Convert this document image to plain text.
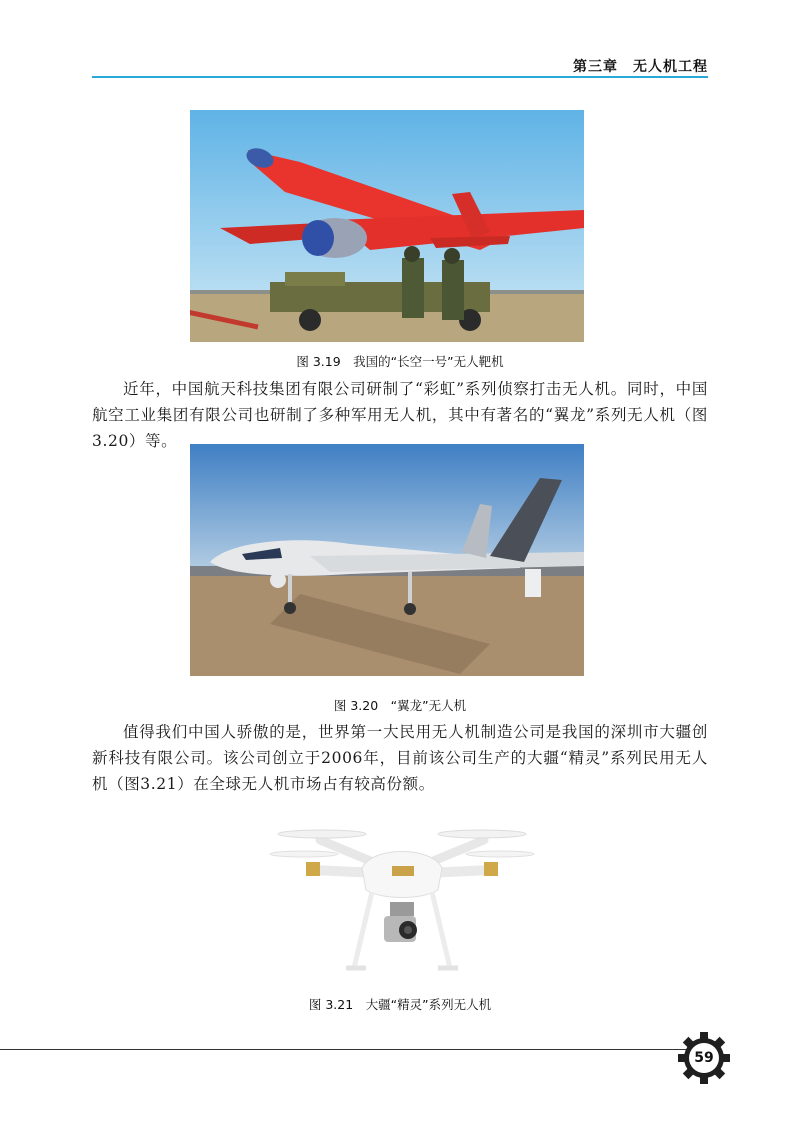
第三章　无人机工程
图 3.19　我国的“长空一号”无人靶机
近年，中国航天科技集团有限公司研制了“彩虹”系列侦察打击无人机。同时，中国航空工业集团有限公司也研制了多种军用无人机，其中有著名的“翼龙”系列无人机（图3.20）等。
图 3.20　“翼龙”无人机
值得我们中国人骄傲的是，世界第一大民用无人机制造公司是我国的深圳市大疆创新科技有限公司。该公司创立于2006年，目前该公司生产的大疆“精灵”系列民用无人机（图3.21）在全球无人机市场占有较高份额。
图 3.21　大疆“精灵”系列无人机
59
